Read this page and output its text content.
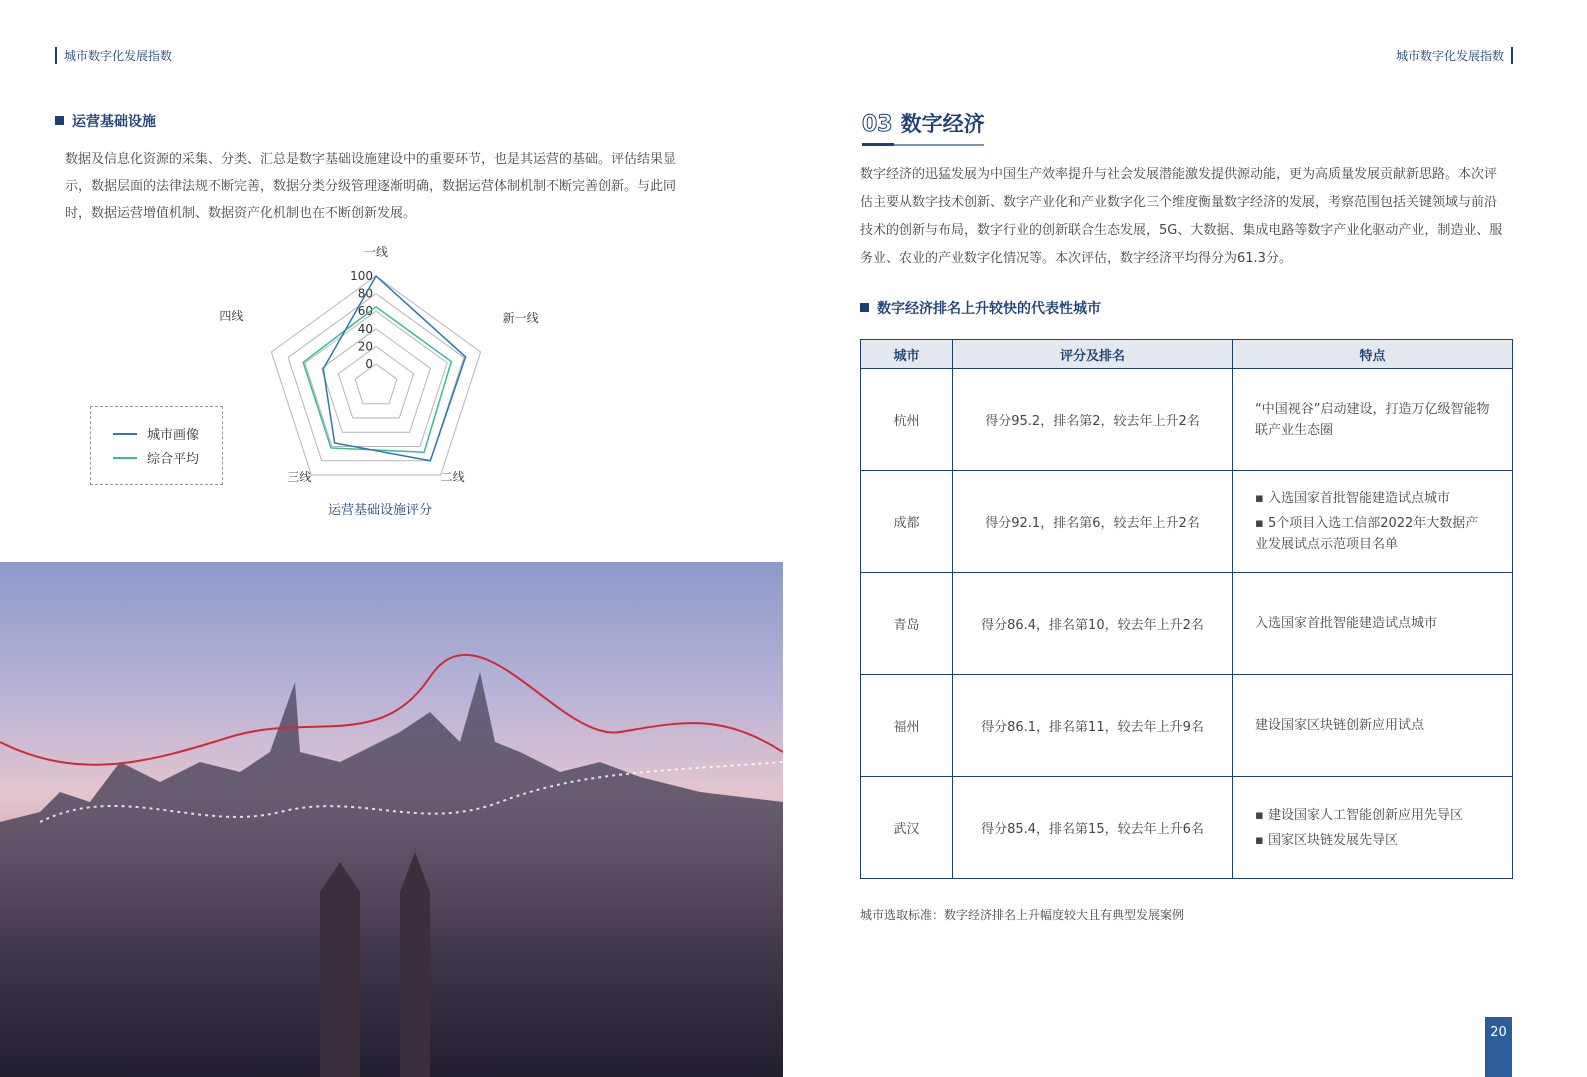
城市数字化发展指数	城市数字化发展指数
运营基础设施
数据及信息化资源的采集、分类、汇总是数字基础设施建设中的重要环节，也是其运营的基础。评估结果显
示，数据层面的法律法规不断完善，数据分类分级管理逐渐明确，数据运营体制机制不断完善创新。与此同
时，数据运营增值机制、数据资产化机制也在不断创新发展。
0
20
40
60
80
100
一线
新一线
二线
三线
四线
城市画像
综合平均
运营基础设施评分
03 数字经济
数字经济的迅猛发展为中国生产效率提升与社会发展潜能激发提供源动能，更为高质量发展贡献新思路。本次评
估主要从数字技术创新、数字产业化和产业数字化三个维度衡量数字经济的发展，考察范围包括关键领域与前沿
技术的创新与布局，数字行业的创新联合生态发展，5G、大数据、集成电路等数字产业化驱动产业，制造业、服
务业、农业的产业数字化情况等。本次评估，数字经济平均得分为61.3分。
数字经济排名上升较快的代表性城市
城市	评分及排名	特点
杭州	得分95.2，排名第2，较去年上升2名	“中国视谷”启动建设，打造万亿级智能物联产业生态圈

成都	得分92.1，排名第6，较去年上升2名	▪ 入选国家首批智能建造试点城市
▪ 5个项目入选工信部2022年大数据产业发展试点示范项目名单

青岛	得分86.4，排名第10，较去年上升2名	入选国家首批智能建造试点城市

福州	得分86.1，排名第11，较去年上升9名	建设国家区块链创新应用试点

武汉	得分85.4，排名第15，较去年上升6名	▪ 建设国家人工智能创新应用先导区
▪ 国家区块链发展先导区
城市选取标准：数字经济排名上升幅度较大且有典型发展案例
20
